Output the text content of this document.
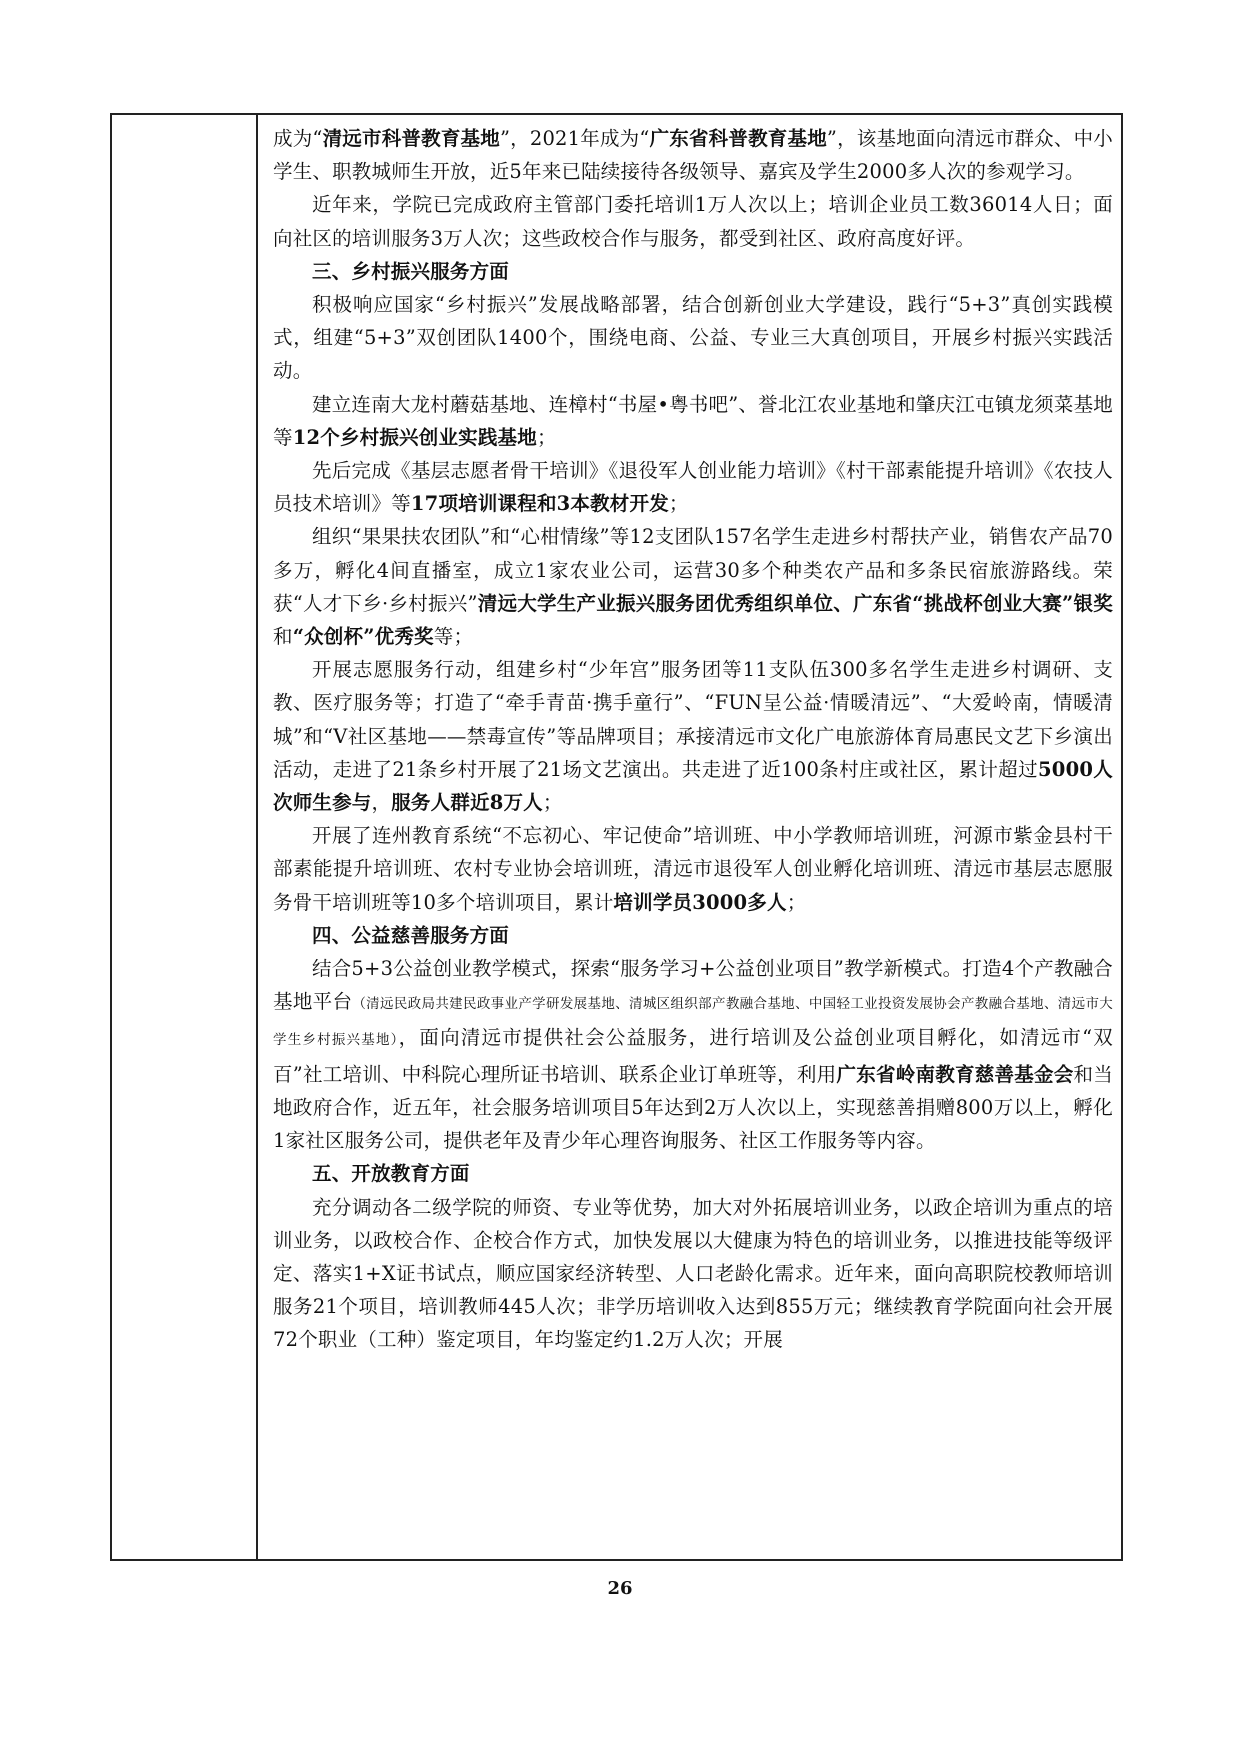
成为“清远市科普教育基地”，2021年成为“广东省科普教育基地”，该基地面向清远市群众、中小学生、职教城师生开放，近5年来已陆续接待各级领导、嘉宾及学生2000多人次的参观学习。

近年来，学院已完成政府主管部门委托培训1万人次以上；培训企业员工数36014人日；面向社区的培训服务3万人次；这些政校合作与服务，都受到社区、政府高度好评。

三、乡村振兴服务方面

积极响应国家“乡村振兴”发展战略部署，结合创新创业大学建设，践行“5+3”真创实践模式，组建“5+3”双创团队1400个，围绕电商、公益、专业三大真创项目，开展乡村振兴实践活动。

建立连南大龙村蘑菇基地、连樟村“书屋•粤书吧”、誉北江农业基地和肇庆江屯镇龙须菜基地等12个乡村振兴创业实践基地；

先后完成《基层志愿者骨干培训》《退役军人创业能力培训》《村干部素能提升培训》《农技人员技术培训》等17项培训课程和3本教材开发；

组织“果果扶农团队”和“心柑情缘”等12支团队157名学生走进乡村帮扶产业，销售农产品70多万，孵化4间直播室，成立1家农业公司，运营30多个种类农产品和多条民宿旅游路线。荣获“人才下乡·乡村振兴”清远大学生产业振兴服务团优秀组织单位、广东省“挑战杯创业大赛”银奖和“众创杯”优秀奖等；

开展志愿服务行动，组建乡村“少年宫”服务团等11支队伍300多名学生走进乡村调研、支教、医疗服务等；打造了“牵手青苗·携手童行”、“FUN呈公益·情暖清远”、“大爱岭南，情暖清城”和“V社区基地——禁毒宣传”等品牌项目；承接清远市文化广电旅游体育局惠民文艺下乡演出活动，走进了21条乡村开展了21场文艺演出。共走进了近100条村庄或社区，累计超过5000人次师生参与，服务人群近8万人；

开展了连州教育系统“不忘初心、牢记使命”培训班、中小学教师培训班，河源市紫金县村干部素能提升培训班、农村专业协会培训班，清远市退役军人创业孵化培训班、清远市基层志愿服务骨干培训班等10多个培训项目，累计培训学员3000多人；

四、公益慈善服务方面

结合5+3公益创业教学模式，探索“服务学习+公益创业项目”教学新模式。打造4个产教融合基地平台（清远民政局共建民政事业产学研发展基地、清城区组织部产教融合基地、中国轻工业投资发展协会产教融合基地、清远市大学生乡村振兴基地），面向清远市提供社会公益服务，进行培训及公益创业项目孵化，如清远市“双百”社工培训、中科院心理所证书培训、联系企业订单班等，利用广东省岭南教育慈善基金会和当地政府合作，近五年，社会服务培训项目5年达到2万人次以上，实现慈善捐赠800万以上，孵化1家社区服务公司，提供老年及青少年心理咨询服务、社区工作服务等内容。

五、开放教育方面

充分调动各二级学院的师资、专业等优势，加大对外拓展培训业务，以政企培训为重点的培训业务，以政校合作、企校合作方式，加快发展以大健康为特色的培训业务，以推进技能等级评定、落实1+X证书试点，顺应国家经济转型、人口老龄化需求。近年来，面向高职院校教师培训服务21个项目，培训教师445人次；非学历培训收入达到855万元；继续教育学院面向社会开展72个职业（工种）鉴定项目，年均鉴定约1.2万人次；开展

26
